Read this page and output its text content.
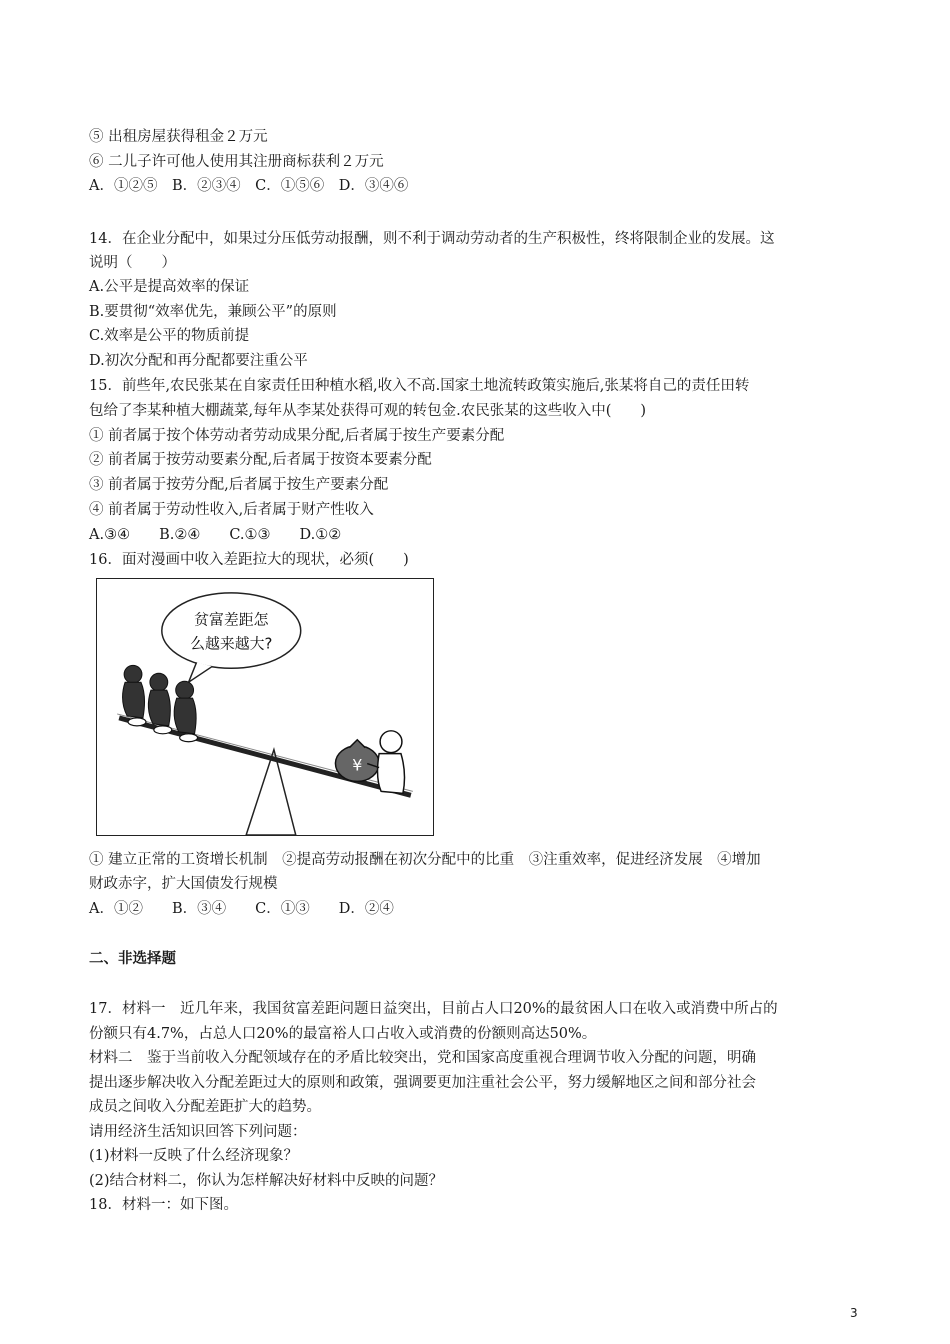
⑤ 出租房屋获得租金２万元
⑥ 二儿子许可他人使用其注册商标获利２万元
A．①②⑤　B．②③④　C．①⑤⑥　D．③④⑥
14．在企业分配中，如果过分压低劳动报酬，则不利于调动劳动者的生产积极性，终将限制企业的发展。这
说明（　　）
A.公平是提高效率的保证
B.要贯彻“效率优先，兼顾公平”的原则
C.效率是公平的物质前提
D.初次分配和再分配都要注重公平
15．前些年,农民张某在自家责任田种植水稻,收入不高.国家土地流转政策实施后,张某将自己的责任田转
包给了李某种植大棚蔬菜,每年从李某处获得可观的转包金.农民张某的这些收入中(　　)
① 前者属于按个体劳动者劳动成果分配,后者属于按生产要素分配
② 前者属于按劳动要素分配,后者属于按资本要素分配
③ 前者属于按劳分配,后者属于按生产要素分配
④ 前者属于劳动性收入,后者属于财产性收入
A.③④　　B.②④　　C.①③　　D.①②
16．面对漫画中收入差距拉大的现状，必须(　　)
贫富差距怎
么越来越大?
¥
① 建立正常的工资增长机制　②提高劳动报酬在初次分配中的比重　③注重效率，促进经济发展　④增加
财政赤字，扩大国债发行规模
A．①②　　B．③④　　C．①③　　D．②④
二、非选择题
17．材料一　近几年来，我国贫富差距问题日益突出，目前占人口20%的最贫困人口在收入或消费中所占的
份额只有4.7%，占总人口20%的最富裕人口占收入或消费的份额则高达50%。
材料二　鉴于当前收入分配领域存在的矛盾比较突出，党和国家高度重视合理调节收入分配的问题，明确
提出逐步解决收入分配差距过大的原则和政策，强调要更加注重社会公平，努力缓解地区之间和部分社会
成员之间收入分配差距扩大的趋势。
请用经济生活知识回答下列问题：
(1)材料一反映了什么经济现象？
(2)结合材料二，你认为怎样解决好材料中反映的问题？
18．材料一：如下图。
3
